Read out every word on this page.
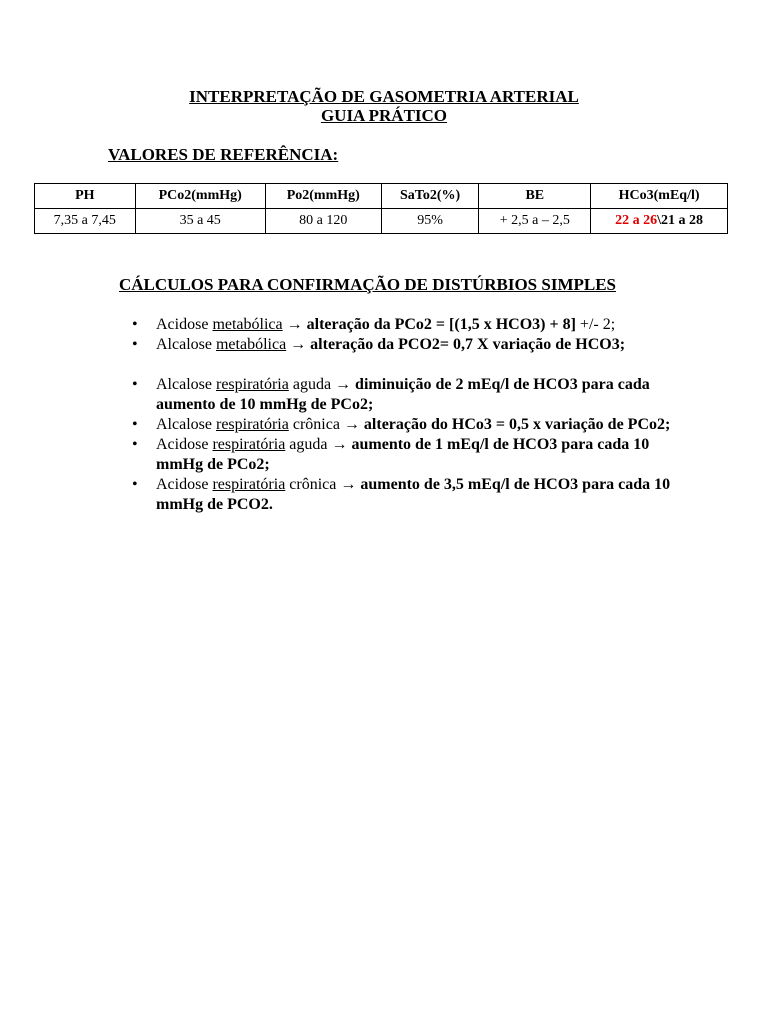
INTERPRETAÇÃO DE GASOMETRIA ARTERIAL
GUIA PRÁTICO
VALORES DE REFERÊNCIA:
PH	PCo2(mmHg)	Po2(mmHg)	SaTo2(%)	BE	HCo3(mEq/l)
7,35 a 7,45	35 a 45	80 a 120	95%	+ 2,5 a – 2,5	22 a 26\21 a 28
CÁLCULOS PARA CONFIRMAÇÃO DE DISTÚRBIOS SIMPLES
• Acidose metabólica → alteração da PCo2 = [(1,5 x HCO3) + 8] +/- 2;
• Alcalose metabólica → alteração da PCO2= 0,7 X variação de HCO3;
• Alcalose respiratória aguda → diminuição de 2 mEq/l de HCO3 para cada aumento de 10 mmHg de PCo2;
• Alcalose respiratória crônica → alteração do HCo3 = 0,5 x variação de PCo2;
• Acidose respiratória aguda → aumento de 1 mEq/l de HCO3 para cada 10 mmHg de PCo2;
• Acidose respiratória crônica → aumento de 3,5 mEq/l de HCO3 para cada 10 mmHg de PCO2.
